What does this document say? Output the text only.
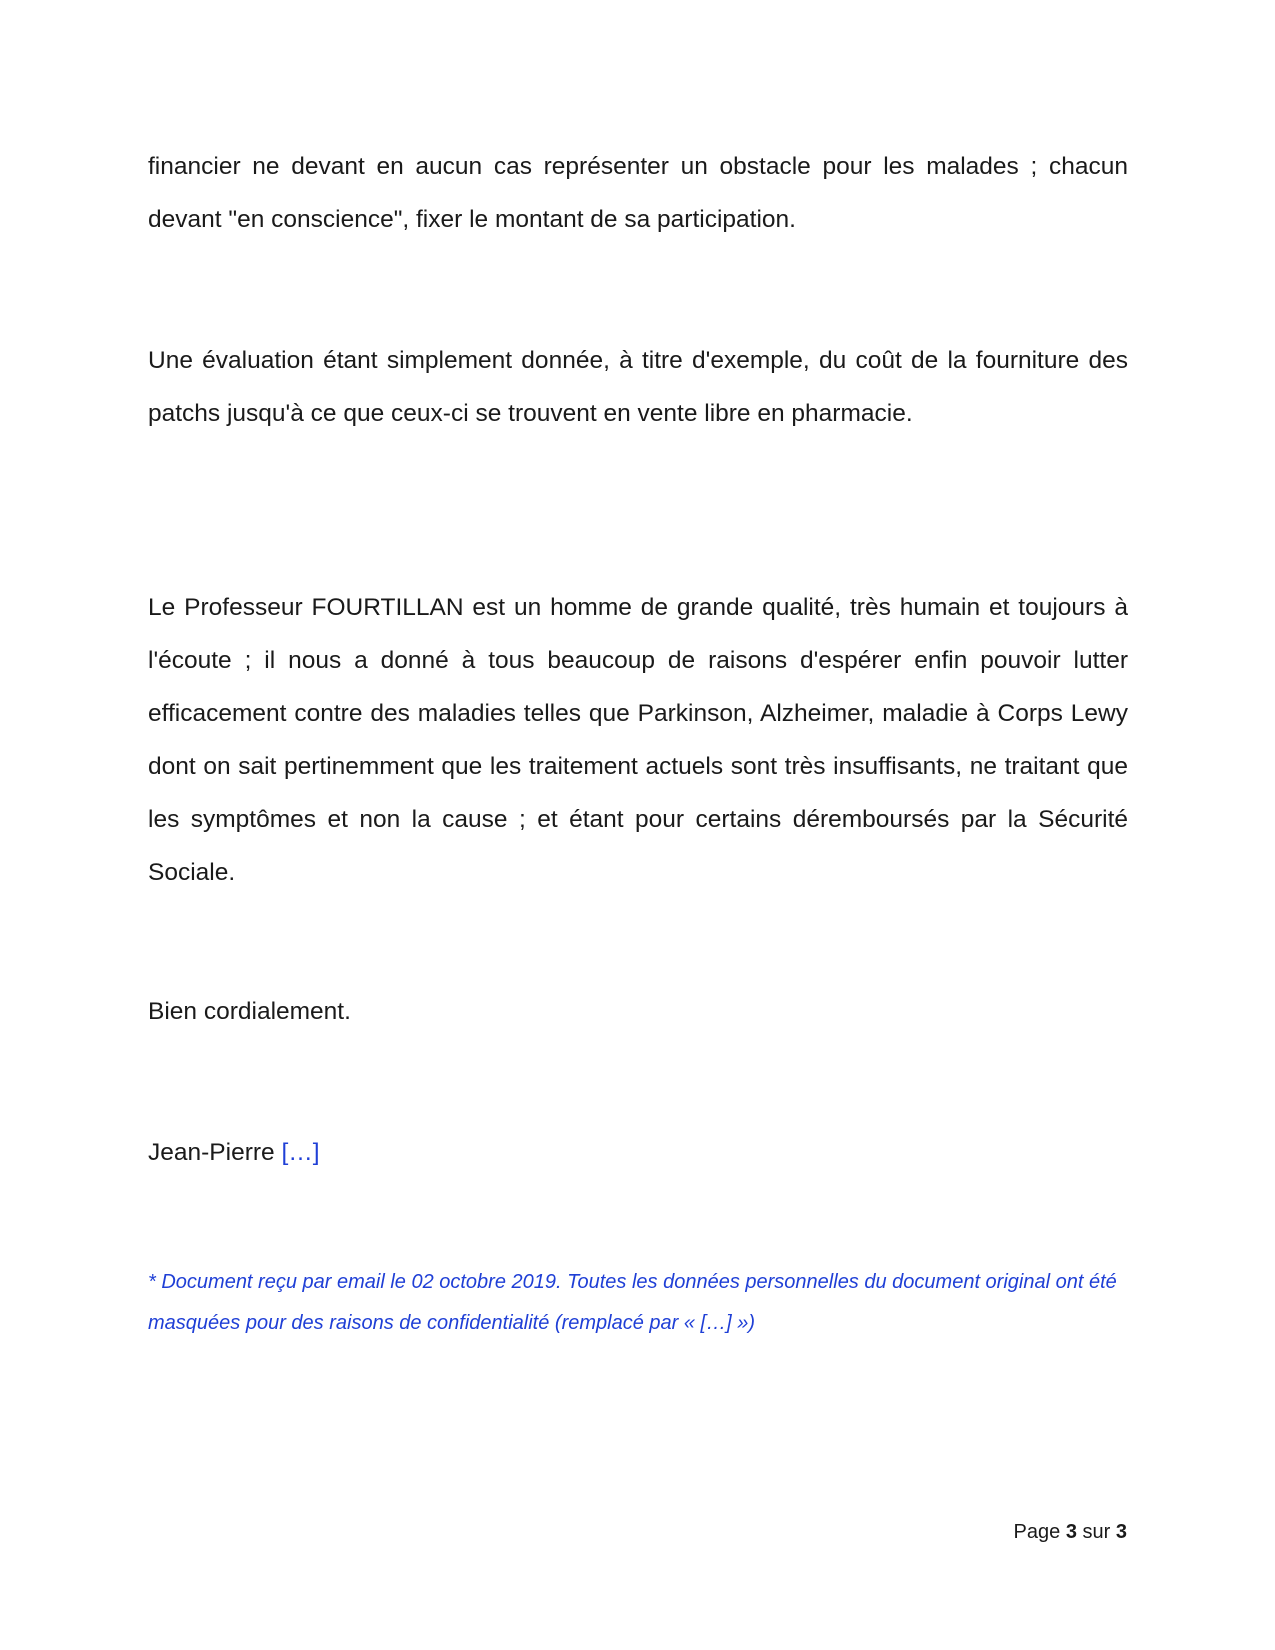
financier ne devant en aucun cas représenter un obstacle pour les malades ; chacun devant "en conscience", fixer le montant de sa participation.

Une évaluation étant simplement donnée, à titre d'exemple, du coût de la fourniture des patchs jusqu'à ce que ceux-ci se trouvent en vente libre en pharmacie.

Le Professeur FOURTILLAN est un homme de grande qualité, très humain et toujours à l'écoute ; il nous a donné à tous beaucoup de raisons d'espérer enfin pouvoir lutter efficacement contre des maladies telles que Parkinson, Alzheimer, maladie à Corps Lewy dont on sait pertinemment que les traitement actuels sont très insuffisants, ne traitant que les symptômes et non la cause ; et étant pour certains déremboursés par la Sécurité Sociale.

Bien cordialement.

Jean-Pierre […]

* Document reçu par email le 02 octobre 2019. Toutes les données personnelles du document original ont été masquées pour des raisons de confidentialité (remplacé par « […] »)

Page 3 sur 3
